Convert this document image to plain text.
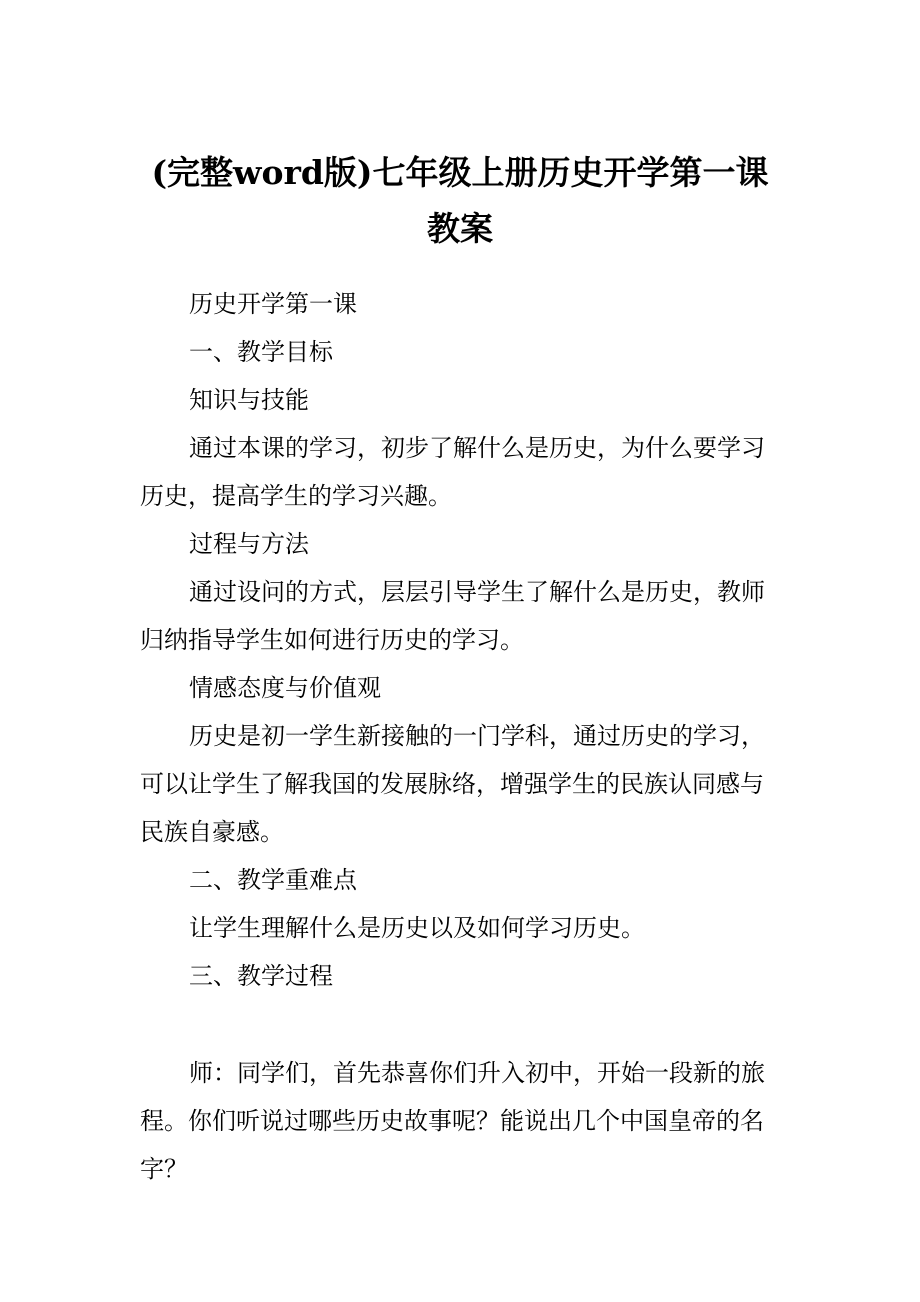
(完整word版)七年级上册历史开学第一课
教案
历史开学第一课
一、教学目标
知识与技能
通过本课的学习，初步了解什么是历史，为什么要学习
历史，提高学生的学习兴趣。
过程与方法
通过设问的方式，层层引导学生了解什么是历史，教师
归纳指导学生如何进行历史的学习。
情感态度与价值观
历史是初一学生新接触的一门学科，通过历史的学习，
可以让学生了解我国的发展脉络，增强学生的民族认同感与
民族自豪感。
二、教学重难点
让学生理解什么是历史以及如何学习历史。
三、教学过程
师：同学们，首先恭喜你们升入初中，开始一段新的旅
程。你们听说过哪些历史故事呢？能说出几个中国皇帝的名
字？
